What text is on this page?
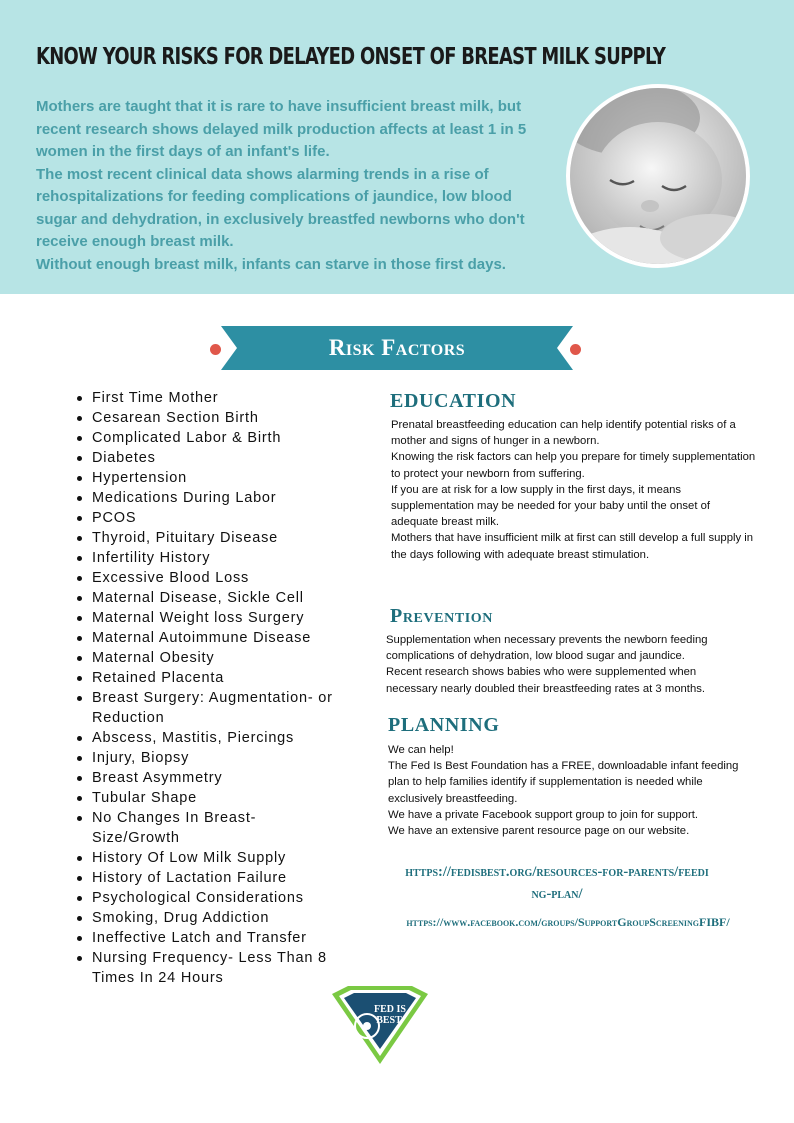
KNOW YOUR RISKS FOR DELAYED ONSET OF BREAST MILK SUPPLY

Mothers are taught that it is rare to have insufficient breast milk, but recent research shows delayed milk production affects at least 1 in 5 women in the first days of an infant's life.

The most recent clinical data shows alarming trends in a rise of rehospitalizations for feeding complications of jaundice, low blood sugar and dehydration, in exclusively breastfed newborns who don't receive enough breast milk.

Without enough breast milk, infants can starve in those first days.

Risk Factors
First Time Mother
Cesarean Section Birth
Complicated Labor & Birth
Diabetes
Hypertension
Medications During Labor
PCOS
Thyroid, Pituitary Disease
Infertility History
Excessive Blood Loss
Maternal Disease, Sickle Cell
Maternal Weight loss Surgery
Maternal Autoimmune Disease
Maternal Obesity
Retained Placenta
Breast Surgery: Augmentation- or Reduction
Abscess, Mastitis, Piercings
Injury, Biopsy
Breast Asymmetry
Tubular Shape
No Changes In Breast- Size/Growth
History Of Low Milk Supply
History of Lactation Failure
Psychological Considerations
Smoking, Drug Addiction
Ineffective Latch and Transfer
Nursing Frequency- Less Than 8 Times In 24 Hours
EDUCATION

Prenatal breastfeeding education can help identify potential risks of a mother and signs of hunger in a newborn.

Knowing the risk factors can help you prepare for timely supplementation to protect your newborn from suffering.

If you are at risk for a low supply in the first days, it means supplementation may be needed for your baby until the onset of adequate breast milk.

Mothers that have insufficient milk at first can still develop a full supply in the days following with adequate breast stimulation.

Prevention

Supplementation when necessary prevents the newborn feeding complications of dehydration, low blood sugar and jaundice.

Recent research shows babies who were supplemented when necessary nearly doubled their breastfeeding rates at 3 months.

PLANNING

We can help!

The Fed Is Best Foundation has a FREE, downloadable infant feeding plan to help families identify if supplementation is needed while exclusively breastfeeding.

We have a private Facebook support group to join for support.

We have an extensive parent resource page on our website.

https://fedisbest.org/resources-for-parents/feeding-plan/
https://www.facebook.com/groups/SupportGroupScreeningFIBF/
FED IS
BEST
